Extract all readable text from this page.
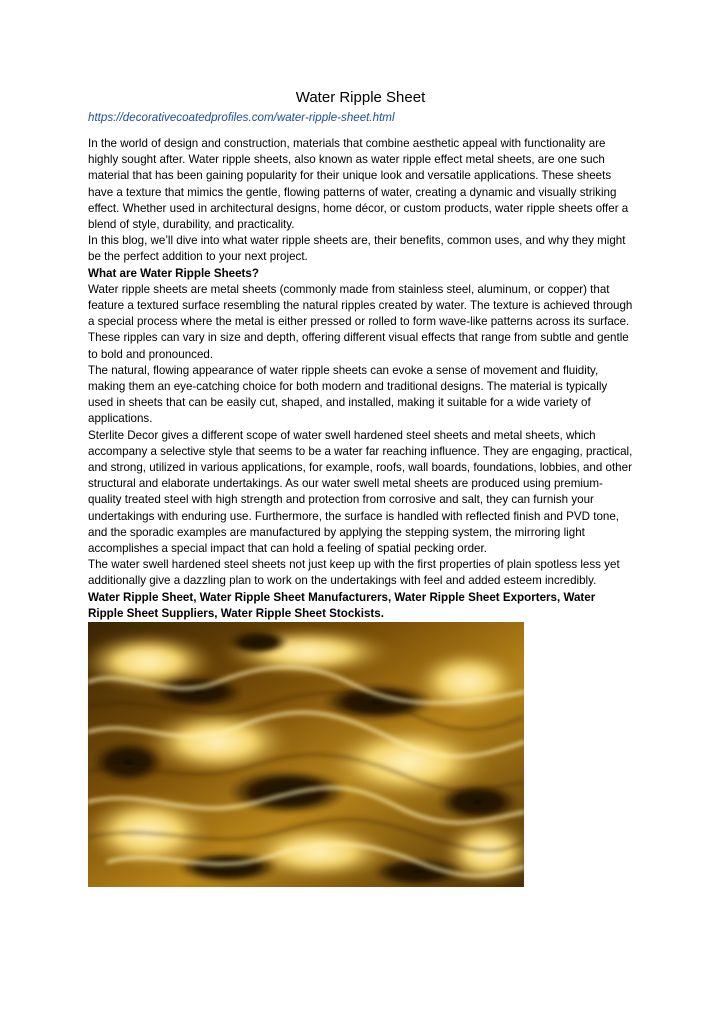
Water Ripple Sheet
https://decorativecoatedprofiles.com/water-ripple-sheet.html

In the world of design and construction, materials that combine aesthetic appeal with functionality are highly sought after. Water ripple sheets, also known as water ripple effect metal sheets, are one such material that has been gaining popularity for their unique look and versatile applications. These sheets have a texture that mimics the gentle, flowing patterns of water, creating a dynamic and visually striking effect. Whether used in architectural designs, home décor, or custom products, water ripple sheets offer a blend of style, durability, and practicality.

In this blog, we’ll dive into what water ripple sheets are, their benefits, common uses, and why they might be the perfect addition to your next project.

What are Water Ripple Sheets?

Water ripple sheets are metal sheets (commonly made from stainless steel, aluminum, or copper) that feature a textured surface resembling the natural ripples created by water. The texture is achieved through a special process where the metal is either pressed or rolled to form wave-like patterns across its surface. These ripples can vary in size and depth, offering different visual effects that range from subtle and gentle to bold and pronounced.

The natural, flowing appearance of water ripple sheets can evoke a sense of movement and fluidity, making them an eye-catching choice for both modern and traditional designs. The material is typically used in sheets that can be easily cut, shaped, and installed, making it suitable for a wide variety of applications.

Sterlite Decor gives a different scope of water swell hardened steel sheets and metal sheets, which accompany a selective style that seems to be a water far reaching influence. They are engaging, practical, and strong, utilized in various applications, for example, roofs, wall boards, foundations, lobbies, and other structural and elaborate undertakings. As our water swell metal sheets are produced using premium-quality treated steel with high strength and protection from corrosive and salt, they can furnish your undertakings with enduring use. Furthermore, the surface is handled with reflected finish and PVD tone, and the sporadic examples are manufactured by applying the stepping system, the mirroring light accomplishes a special impact that can hold a feeling of spatial pecking order.

The water swell hardened steel sheets not just keep up with the first properties of plain spotless less yet additionally give a dazzling plan to work on the undertakings with feel and added esteem incredibly.

Water Ripple Sheet, Water Ripple Sheet Manufacturers, Water Ripple Sheet Exporters, Water Ripple Sheet Suppliers, Water Ripple Sheet Stockists.
